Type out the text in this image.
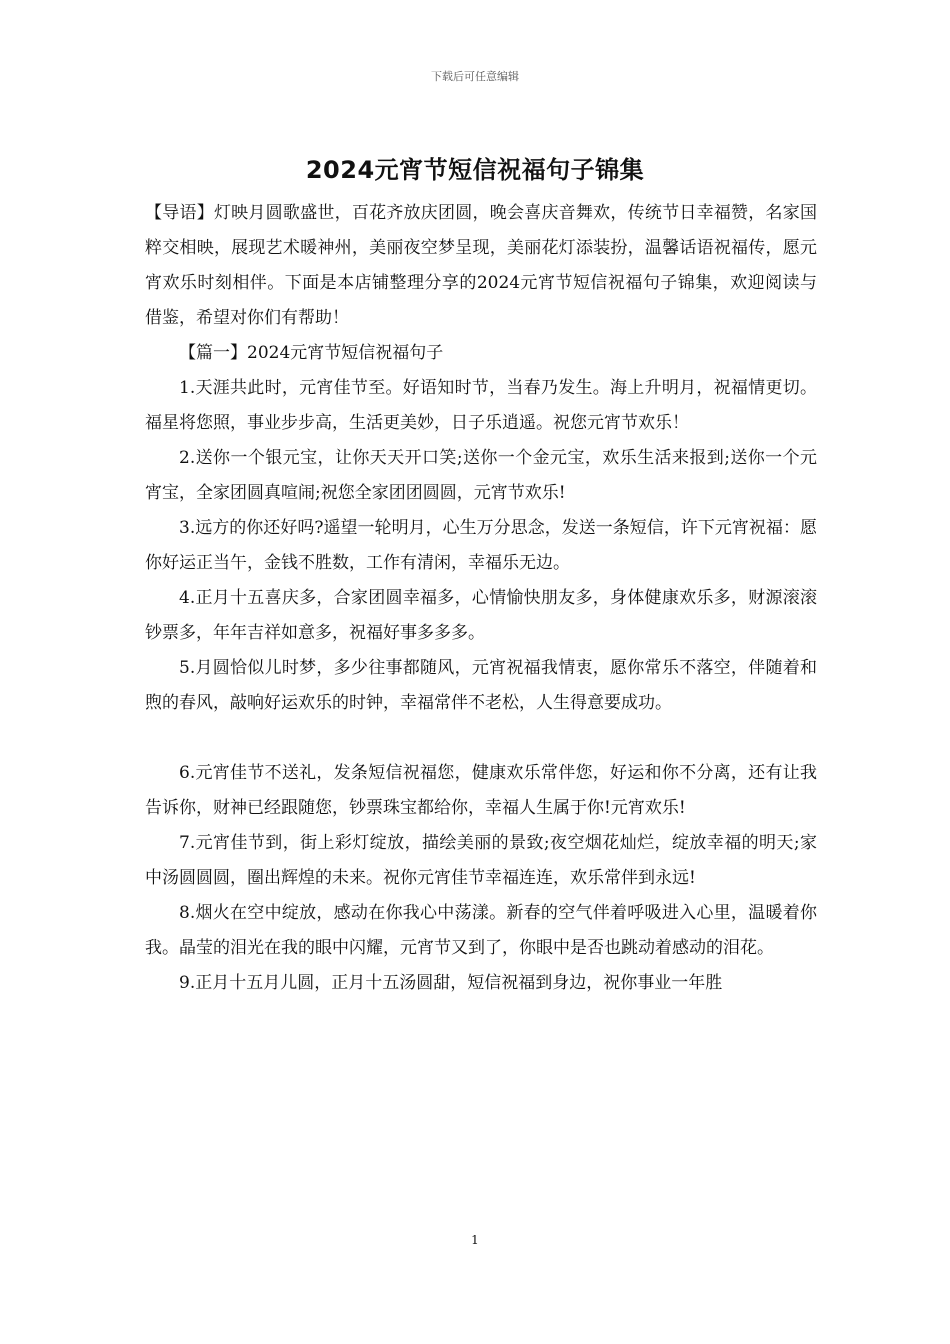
下载后可任意编辑
2024元宵节短信祝福句子锦集

【导语】灯映月圆歌盛世，百花齐放庆团圆，晚会喜庆音舞欢，传统节日幸福赞，名家国粹交相映，展现艺术暖神州，美丽夜空梦呈现，美丽花灯添装扮，温馨话语祝福传，愿元宵欢乐时刻相伴。下面是本店铺整理分享的2024元宵节短信祝福句子锦集，欢迎阅读与借鉴，希望对你们有帮助！

【篇一】2024元宵节短信祝福句子

1.天涯共此时，元宵佳节至。好语知时节，当春乃发生。海上升明月，祝福情更切。福星将您照，事业步步高，生活更美妙，日子乐逍遥。祝您元宵节欢乐！

2.送你一个银元宝，让你天天开口笑;送你一个金元宝，欢乐生活来报到;送你一个元宵宝，全家团圆真喧闹;祝您全家团团圆圆，元宵节欢乐!

3.远方的你还好吗?遥望一轮明月，心生万分思念，发送一条短信，许下元宵祝福：愿你好运正当午，金钱不胜数，工作有清闲，幸福乐无边。

4.正月十五喜庆多，合家团圆幸福多，心情愉快朋友多，身体健康欢乐多，财源滚滚钞票多，年年吉祥如意多，祝福好事多多多。

5.月圆恰似儿时梦，多少往事都随风，元宵祝福我情衷，愿你常乐不落空，伴随着和煦的春风，敲响好运欢乐的时钟，幸福常伴不老松，人生得意要成功。

6.元宵佳节不送礼，发条短信祝福您，健康欢乐常伴您，好运和你不分离，还有让我告诉你，财神已经跟随您，钞票珠宝都给你，幸福人生属于你!元宵欢乐!

7.元宵佳节到，街上彩灯绽放，描绘美丽的景致;夜空烟花灿烂，绽放幸福的明天;家中汤圆圆圆，圈出辉煌的未来。祝你元宵佳节幸福连连，欢乐常伴到永远!

8.烟火在空中绽放，感动在你我心中荡漾。新春的空气伴着呼吸进入心里，温暖着你我。晶莹的泪光在我的眼中闪耀，元宵节又到了，你眼中是否也跳动着感动的泪花。

9.正月十五月儿圆，正月十五汤圆甜，短信祝福到身边，祝你事业一年胜

1
